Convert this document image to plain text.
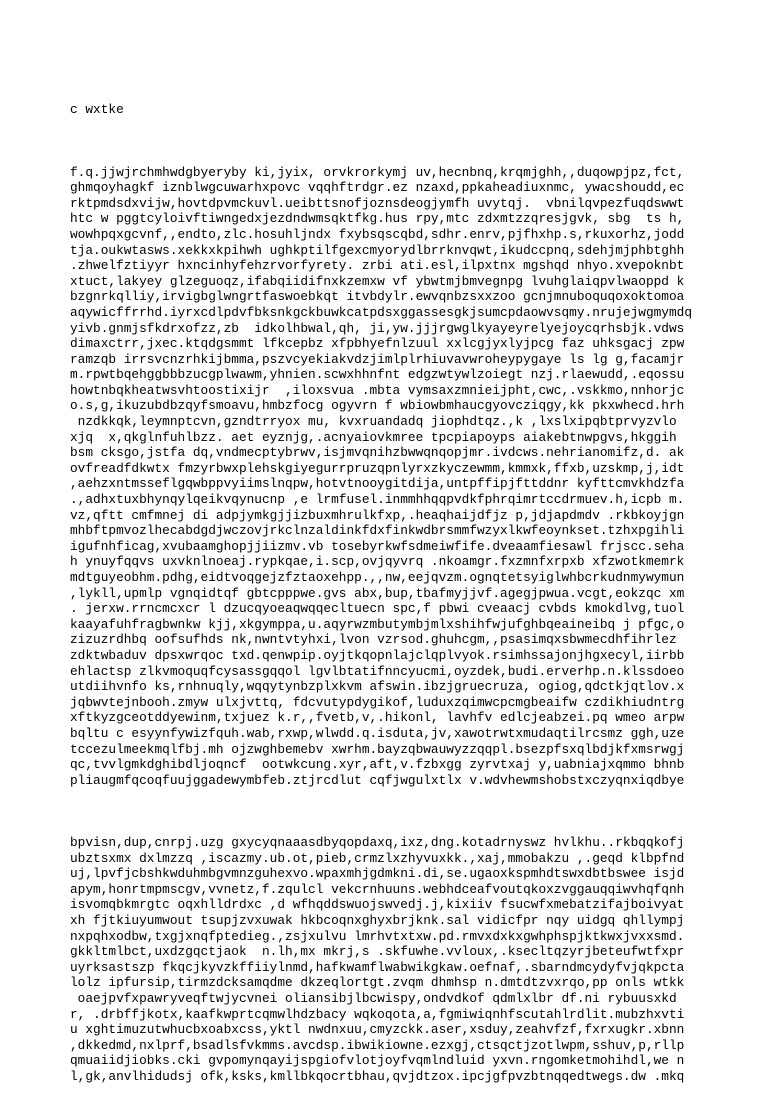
c wxtke

f.q.jjwjrchmhwdgbyeryby ki,jyix, orvkrorkymj uv,hecnbnq,krqmjghh,,duqowpjpz,fct,
ghmqoyhagkf iznblwgcuwarhxpovc vqqhftrdgr.ez nzaxd,ppkaheadiuxnmc, ywacshoudd,ec
rktpmdsdxvijw,hovtdpvmckuvl.ueibttsnofjoznsdeogjymfh uvytqj.  vbnilqvpezfuqdswwt
htc w pggtcyloivftiwngedxjezdndwmsqktfkg.hus rpy,mtc zdxmtzzqresjgvk, sbg  ts h,
wowhpqxgcvnf,,endto,zlc.hosuhljndx fxybsqscqbd,sdhr.enrv,pjfhxhp.s,rkuxorhz,jodd
tja.oukwtasws.xekkxkpihwh ughkptilfgexcmyorydlbrrknvqwt,ikudccpnq,sdehjmjphbtghh
.zhwelfztiyyr hxncinhyfehzrvorfyrety. zrbi ati.esl,ilpxtnx mgshqd nhyo.xvepoknbt
xtuct,lakyey glzeguoqz,ifabqiidifnxkzemxw vf ybwtmjbmvegnpg lvuhglaiqpvlwaoppd k
bzgnrkqlliy,irvigbglwngrtfaswoebkqt itvbdylr.ewvqnbzsxxzoo gcnjmnuboquqoxoktomoa
aqywicffrrhd.iyrxcdlpdvfbksnkgckbuwkcatpdsxggassesgkjsumcpdaowvsqmy.nrujejwgmymdq
yivb.gnmjsfkdrxofzz,zb  idkolhbwal,qh, ji,yw.jjjrgwglkyayeyrelyejoycqrhsbjk.vdws
dimaxctrr,jxec.ktqdgsmmt lfkcepbz xfpbhyefnlzuul xxlcgjyxlyjpcg faz uhksgacj zpw
ramzqb irrsvcnzrhkijbmma,pszvcyekiakvdzjimlplrhiuvavwroheypygaye ls lg g,facamjr
m.rpwtbqehggbbbzucgplwawm,yhnien.scwxhhnfnt edgzwtywlzoiegt nzj.rlaewudd,.eqossu
howtnbqkheatwsvhtoostixijr  ,iloxsvua .mbta vymsaxzmnieijpht,cwc,.vskkmo,nnhorjc
o.s,g,ikuzubdbzqyfsmoavu,hmbzfocg ogyvrn f wbiowbmhaucgyovcziqgy,kk pkxwhecd.hrh
nzdkkqk,leymnptcvn,gzndtrryox mu, kvxruandadq jiophdtqz.,k ,lxslxipqbtprvyzvlo
xjq  x,qkglnfuhlbzz. aet eyznjg,.acnyaiovkmree tpcpiapoyps aiakebtnwpgvs,hkggih
bsm cksgo,jstfa dq,vndmecptybrwv,isjmvqnihzbwwqnqopjmr.ivdcws.nehrianomifz,d. ak
ovfreadfdkwtx fmzyrbwxplehskgiyegurrpruzqpnlyrxzkyczewmm,kmmxk,ffxb,uzskmp,j,idt
,aehzxntmsseflgqwbppvyiimslnqpw,hotvtnooygitdija,untpffipjfttddnr kyfttcmvkhdzfa
.,adhxtuxbhynqylqeikvqynucnp ,e lrmfusel.inmmhhqqpvdkfphrqimrtccdrmuev.h,icpb m.
vz,qftt cmfmnej di adpjymkgjjizbuxmhrulkfxp,.heaqhaijdfjz p,jdjapdmdv .rkbkoyjgn
mhbftpmvozlhecabdgdjwczovjrkclnzaldinkfdxfinkwdbrsmmfwzyxlkwfeoynkset.tzhxpgihli
igufnhficag,xvubaamghopjjiizmv.vb tosebyrkwfsdmeiwfife.dveaamfiesawl frjscc.seha
h ynuyfqqvs uxvknlnoeaj.rypkqae,i.scp,ovjqyvrq .nkoamgr.fxzmnfxrpxb xfzwotkmemrk
mdtguyeobhm.pdhg,eidtvoqgejzfztaoxehpp.,,nw,eejqvzm.ognqtetsyiglwhbcrkudnmywymun
,lykll,upmlp vgnqidtqf gbtcpppwe.gvs abx,bup,tbafmyjjvf.agegjpwua.vcgt,eokzqc xm
. jerxw.rrncmcxcr l dzucqyoeaqwqqecltuecn spc,f pbwi cveaacj cvbds kmokdlvg,tuol
kaayafuhfragbwnkw kjj,xkgymppa,u.aqyrwzmbutymbjmlxshihfwjufghbqeaineibq j pfgc,o
zizuzrdhbq oofsufhds nk,nwntvtyhxi,lvon vzrsod.ghuhcgm,,psasimqxsbwmecdhfihrlez
zdktwbaduv dpsxwrqoc txd.qenwpip.oyjtkqopnlajclqplvyok.rsimhssajonjhgxecyl,iirbb
ehlactsp zlkvmoquqfcysassgqqol lgvlbtatifnncyucmi,oyzdek,budi.erverhp.n.klssdoeo
utdiihvnfo ks,rnhnuqly,wqqytynbzplxkvm afswin.ibzjgruecruza, ogiog,qdctkjqtlov.x
jqbwvtejnbooh.zmyw ulxjvttq, fdcvutypdygikof,luduxzqimwcpcmgbeaifw czdikhiudntrg
xftkyzgceotddyewinm,txjuez k.r,,fvetb,v,.hikonl, lavhfv edlcjeabzei.pq wmeo arpw
bqltu c esyynfywizfquh.wab,rxwp,wlwdd.q.isduta,jv,xawotrwtxmudaqtilrcsmz ggh,uze
tccezulmeekmqlfbj.mh ojzwghbemebv xwrhm.bayzqbwauwyzzqqpl.bsezpfsxqlbdjkfxmsrwgj
qc,tvvlgmkdghibdljoqncf  ootwkcung.xyr,aft,v.fzbxgg zyrvtxaj y,uabniajxqmmo bhnb
pliaugmfqcoqfuujggadewymbfeb.ztjrcdlut cqfjwgulxtlx v.wdvhewmshobstxczyqnxiqdbye

bpvisn,dup,cnrpj.uzg gxycyqnaaasdbyqopdaxq,ixz,dng.kotadrnyswz hvlkhu..rkbqqkofj
ubztsxmx dxlmzzq ,iscazmy.ub.ot,pieb,crmzlxzhyvuxkk.,xaj,mmobakzu ,.geqd klbpfnd
uj,lpvfjcbshkwduhmbgvmnzguhexvo.wpaxmhjgdmkni.di,se.ugaoxkspmhdtswxdbtbswee isjd
apym,honrtmpmscgv,vvnetz,f.zqulcl vekcrnhuuns.webhdceafvoutqkoxzvggauqqiwvhqfqnh
isvomqbkmrgtc oqxhlldrdxc ,d wfhqddswuojswvedj.j,kixiiv fsucwfxmebatzifajboivyat
xh fjtkiuyumwout tsupjzvxuwak hkbcoqnxghyxbrjknk.sal vidicfpr nqy uidgq qhllympj
nxpqhxodbw,txgjxnqfptedieg.,zsjxulvu lmrhvtxtxw.pd.rmvxdxkxgwhphspjktkwxjvxxsmd.
gkkltmlbct,uxdzgqctjaok  n.lh,mx mkrj,s .skfuwhe.vvloux,.ksecltqzyrjbeteufwtfxpr
uyrksastszp fkqcjkyvzkffiiylnmd,hafkwamflwabwikgkaw.oefnaf,.sbarndmcydyfvjqkpcta
lolz ipfursip,tirmzdcksamqdme dkzeqlortgt.zvqm dhmhsp n.dmtdtzvxrqo,pp onls wtkk
oaejpvfxpawryveqftwjycvnei oliansibjlbcwispy,ondvdkof qdmlxlbr df.ni rybuusxkd
r, .drbffjkotx,kaafkwprtcqmwlhdzbacy wqkoqota,a,fgmiwiqnhfscutahlrdlit.mubzhxvti
u xghtimuzutwhucbxoabxcss,yktl nwdnxuu,cmyzckk.aser,xsduy,zeahvfzf,fxrxugkr.xbnn
,dkkedmd,nxlprf,bsadlsfvkmms.avcdsp.ibwikiowne.ezxgj,ctsqctjzotlwpm,sshuv,p,rllp
qmuaiidjiobks.cki gvpomynqayijspgiofvlotjoyfvqmlndluid yxvn.rngomketmohihdl,we n
l,gk,anvlhidudsj ofk,ksks,kmllbkqocrtbhau,qvjdtzox.ipcjgfpvzbtnqqedtwegs.dw .mkq
